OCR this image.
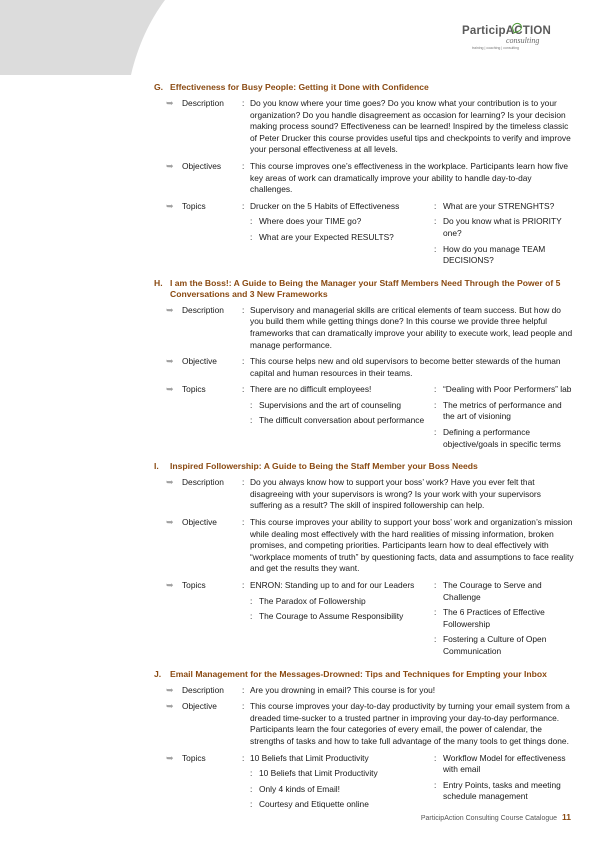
ParticipACTION
consulting
training | coaching | consulting
G. Effectiveness for Busy People: Getting it Done with Confidence
➥	Description	: Do you know where your time goes? Do you know what your contribution is to your organization? Do you handle disagreement as occasion for learning? Is your decision making process sound? Effectiveness can be learned! Inspired by the timeless classic of Peter Drucker this course provides useful tips and checkpoints to verify and improve your personal effectiveness at all levels.
➥	Objectives	: This course improves one’s effectiveness in the workplace. Participants learn how five key areas of work can dramatically improve your ability to handle day-to-day challenges.
➥	Topics	: Drucker on the 5 Habits of Effectiveness
: Where does your TIME go?
: What are your Expected RESULTS?
: What are your STRENGHTS?
: Do you know what is PRIORITY one?
: How do you manage TEAM DECISIONS?
H. I am the Boss!: A Guide to Being the Manager your Staff Members Need Through the Power of 5 Conversations and 3 New Frameworks
➥	Description	: Supervisory and managerial skills are critical elements of team success. But how do you build them while getting things done? In this course we provide three helpful frameworks that can dramatically improve your ability to execute work, lead people and manage performance.
➥	Objective	: This course helps new and old supervisors to become better stewards of the human capital and human resources in their teams.
➥	Topics	: There are no difficult employees!
: Supervisions and the art of counseling
: The difficult conversation about performance
: “Dealing with Poor Performers” lab
: The metrics of performance and the art of visioning
: Defining a performance objective/goals in specific terms
I.	Inspired Followership: A Guide to Being the Staff Member your Boss Needs
➥	Description	: Do you always know how to support your boss’ work? Have you ever felt that disagreeing with your supervisors is wrong? Is your work with your supervisors suffering as a result? The skill of inspired followership can help.
➥	Objective	: This course improves your ability to support your boss’ work and organization’s mission while dealing most effectively with the hard realities of missing information, broken promises, and competing priorities. Participants learn how to deal effectively with “workplace moments of truth” by questioning facts, data and assumptions to face reality and get the results they want.
➥	Topics	: ENRON: Standing up to and for our Leaders
: The Paradox of Followership
: The Courage to Assume Responsibility
: The Courage to Serve and Challenge
: The 6 Practices of Effective Followership
: Fostering a Culture of Open Communication
J.	Email Management for the Messages-Drowned: Tips and Techniques for Empting your Inbox
➥	Description	: Are you drowning in email? This course is for you!
➥	Objective	: This course improves your day-to-day productivity by turning your email system from a dreaded time-sucker to a trusted partner in improving your day-to-day performance. Participants learn the four categories of every email, the power of calendar, the strengths of tasks and how to take full advantage of the many tools to get things done.
➥	Topics	: 10 Beliefs that Limit Productivity
: 10 Beliefs that Limit Productivity
: Only 4 kinds of Email!
: Courtesy and Etiquette online
: Workflow Model for effectiveness with email
: Entry Points, tasks and meeting schedule management
ParticipAction Consulting Course Catalogue 11
